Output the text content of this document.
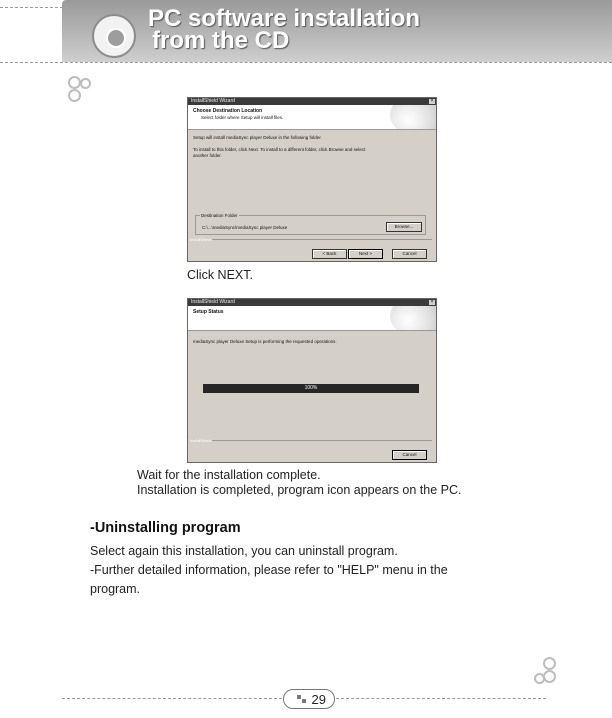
PC software installation
from the CD
InstallShield Wizard	×
Choose Destination Location
Select folder where Setup will install files.
Setup will install mediaSync player Deluxe in the following folder.
To install to this folder, click Next. To install to a different folder, click Browse and select
another folder.
Destination Folder
C:\...\mediaSync\mediaSync player Deluxe	Browse...
InstallShield
< Back	Next >	Cancel
Click NEXT.
InstallShield Wizard	×
Setup Status
mediaSync player Deluxe Setup is performing the requested operations.
100%
InstallShield
Cancel
Wait for the installation complete.
Installation is completed, program icon appears on the PC.
-Uninstalling program
Select again this installation, you can uninstall program.
-Further detailed information, please refer to "HELP" menu in the
program.
29
